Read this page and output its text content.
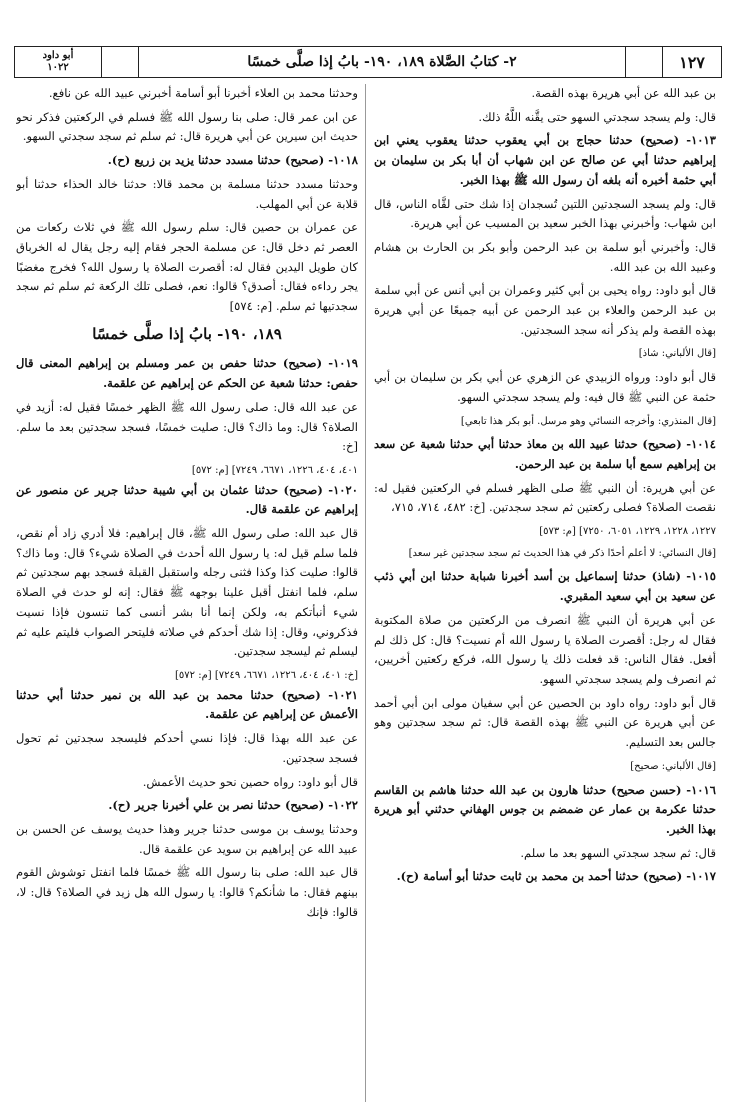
أبو داود
١٠٢٢	٢- كتابُ الصَّلاة ١٨٩، ١٩٠- بابُ إذا صلَّى خمسًا	١٢٧

بن عبد الله عن أبي هريرة بهذه القصة.

قال: ولم يسجد سجدتي السهو حتى يقَّنه اللَّهُ ذلك.

١٠١٣- (صحيح) حدثنا حجاج بن أبي يعقوب حدثنا يعقوب يعني ابن إبراهيم حدثنا أبي عن صالح عن ابن شهاب أن أبا بكر بن سليمان بن أبي حثمة أخبره أنه بلغه أن رسول الله ﷺ بهذا الخبر.

قال: ولم يسجد السجدتين اللتين تُسجدان إذا شك حتى لقَّاه الناس، قال ابن شهاب: وأخبرني بهذا الخبر سعيد بن المسيب عن أبي هريرة.

قال: وأخبرني أبو سلمة بن عبد الرحمن وأبو بكر بن الحارث بن هشام وعبيد الله بن عبد الله.

قال أبو داود: رواه يحيى بن أبي كثير وعمران بن أبي أنس عن أبي سلمة بن عبد الرحمن والعلاء بن عبد الرحمن عن أبيه جميعًا عن أبي هريرة بهذه القصة ولم يذكر أنه سجد السجدتين.

[قال الألباني: شاذ]

قال أبو داود: ورواه الزبيدي عن الزهري عن أبي بكر بن سليمان بن أبي حثمة عن النبي ﷺ قال فيه: ولم يسجد سجدتي السهو.

[قال المنذري: وأخرجه النسائي وهو مرسل. أبو بكر هذا تابعي]

١٠١٤- (صحيح) حدثنا عبيد الله بن معاذ حدثنا أبي حدثنا شعبة عن سعد بن إبراهيم سمع أبا سلمة بن عبد الرحمن.

عن أبي هريرة: أن النبي ﷺ صلى الظهر فسلم في الركعتين فقيل له: نقصت الصلاة؟ فصلى ركعتين ثم سجد سجدتين. [خ: ٤٨٢، ٧١٤، ٧١٥،

١٢٢٧، ١٢٢٨، ١٢٢٩، ٦٠٥١، ٧٢٥٠] [م: ٥٧٣]
[قال النسائي: لا أعلم أحدًا ذكر في هذا الحديث ثم سجد سجدتين غير سعد]

١٠١٥- (شاذ) حدثنا إسماعيل بن أسد أخبرنا شبابة حدثنا ابن أبي ذئب عن سعيد بن أبي سعيد المقبري.

عن أبي هريرة أن النبي ﷺ انصرف من الركعتين من صلاة المكتوبة فقال له رجل: أقصرت الصلاة يا رسول الله أم نسيت؟ قال: كل ذلك لم أفعل. فقال الناس: قد فعلت ذلك يا رسول الله، فركع ركعتين أخريين، ثم انصرف ولم يسجد سجدتي السهو.

قال أبو داود: رواه داود بن الحصين عن أبي سفيان مولى ابن أبي أحمد عن أبي هريرة عن النبي ﷺ بهذه القصة قال: ثم سجد سجدتين وهو جالس بعد التسليم.

[قال الألباني: صحيح]

١٠١٦- (حسن صحيح) حدثنا هارون بن عبد الله حدثنا هاشم بن القاسم حدثنا عكرمة بن عمار عن ضمضم بن جوس الهفاني حدثني أبو هريرة بهذا الخبر.

قال: ثم سجد سجدتي السهو بعد ما سلم.

١٠١٧- (صحيح) حدثنا أحمد بن محمد بن ثابت حدثنا أبو أسامة (ح).

وحدثنا محمد بن العلاء أخبرنا أبو أسامة أخبرني عبيد الله عن نافع.

عن ابن عمر قال: صلى بنا رسول الله ﷺ فسلم في الركعتين فذكر نحو حديث ابن سيرين عن أبي هريرة قال: ثم سلم ثم سجد سجدتي السهو.

١٠١٨- (صحيح) حدثنا مسدد حدثنا يزيد بن زريع (ح).

وحدثنا مسدد حدثنا مسلمة بن محمد قالا: حدثنا خالد الحذاء حدثنا أبو قلابة عن أبي المهلب.

عن عمران بن حصين قال: سلم رسول الله ﷺ في ثلاث ركعات من العصر ثم دخل قال: عن مسلمة الحجر فقام إليه رجل يقال له الخرباق كان طويل اليدين فقال له: أقصرت الصلاة يا رسول الله؟ فخرج مغضبًا يجر رداءه فقال: أصدق؟ قالوا: نعم، فصلى تلك الركعة ثم سلم ثم سجد سجدتيها ثم سلم. [م: ٥٧٤]

١٨٩، ١٩٠- بابُ إذا صلَّى خمسًا

١٠١٩- (صحيح) حدثنا حفص بن عمر ومسلم بن إبراهيم المعنى قال حفص: حدثنا شعبة عن الحكم عن إبراهيم عن علقمة.

عن عبد الله قال: صلى رسول الله ﷺ الظهر خمسًا فقيل له: أزيد في الصلاة؟ قال: وما ذاك؟ قال: صليت خمسًا، فسجد سجدتين بعد ما سلم. [خ:

٤٠١، ٤٠٤، ١٢٢٦، ٦٦٧١، ٧٢٤٩] [م: ٥٧٢]

١٠٢٠- (صحيح) حدثنا عثمان بن أبي شيبة حدثنا جرير عن منصور عن إبراهيم عن علقمة قال.

قال عبد الله: صلى رسول الله ﷺ، قال إبراهيم: فلا أدري زاد أم نقص، فلما سلم قيل له: يا رسول الله أحدث في الصلاة شيء؟ قال: وما ذاك؟ قالوا: صليت كذا وكذا فثنى رجله واستقبل القبلة فسجد بهم سجدتين ثم سلم، فلما انفتل أقبل علينا بوجهه ﷺ فقال: إنه لو حدث في الصلاة شيء أنبأتكم به، ولكن إنما أنا بشر أنسى كما تنسون فإذا نسيت فذكروني، وقال: إذا شك أحدكم في صلاته فليتحر الصواب فليتم عليه ثم ليسلم ثم ليسجد سجدتين.

[خ: ٤٠١، ٤٠٤، ١٢٢٦، ٦٦٧١، ٧٢٤٩] [م: ٥٧٢]

١٠٢١- (صحيح) حدثنا محمد بن عبد الله بن نمير حدثنا أبي حدثنا الأعمش عن إبراهيم عن علقمة.

عن عبد الله بهذا قال: فإذا نسي أحدكم فليسجد سجدتين ثم تحول فسجد سجدتين.

قال أبو داود: رواه حصين نحو حديث الأعمش.

١٠٢٢- (صحيح) حدثنا نصر بن علي أخبرنا جرير (ح).

وحدثنا يوسف بن موسى حدثنا جرير وهذا حديث يوسف عن الحسن بن عبيد الله عن إبراهيم بن سويد عن علقمة قال.

قال عبد الله: صلى بنا رسول الله ﷺ خمسًا فلما انفتل توشوش القوم بينهم فقال: ما شأنكم؟ قالوا: يا رسول الله هل زيد في الصلاة؟ قال: لا، قالوا: فإنك
